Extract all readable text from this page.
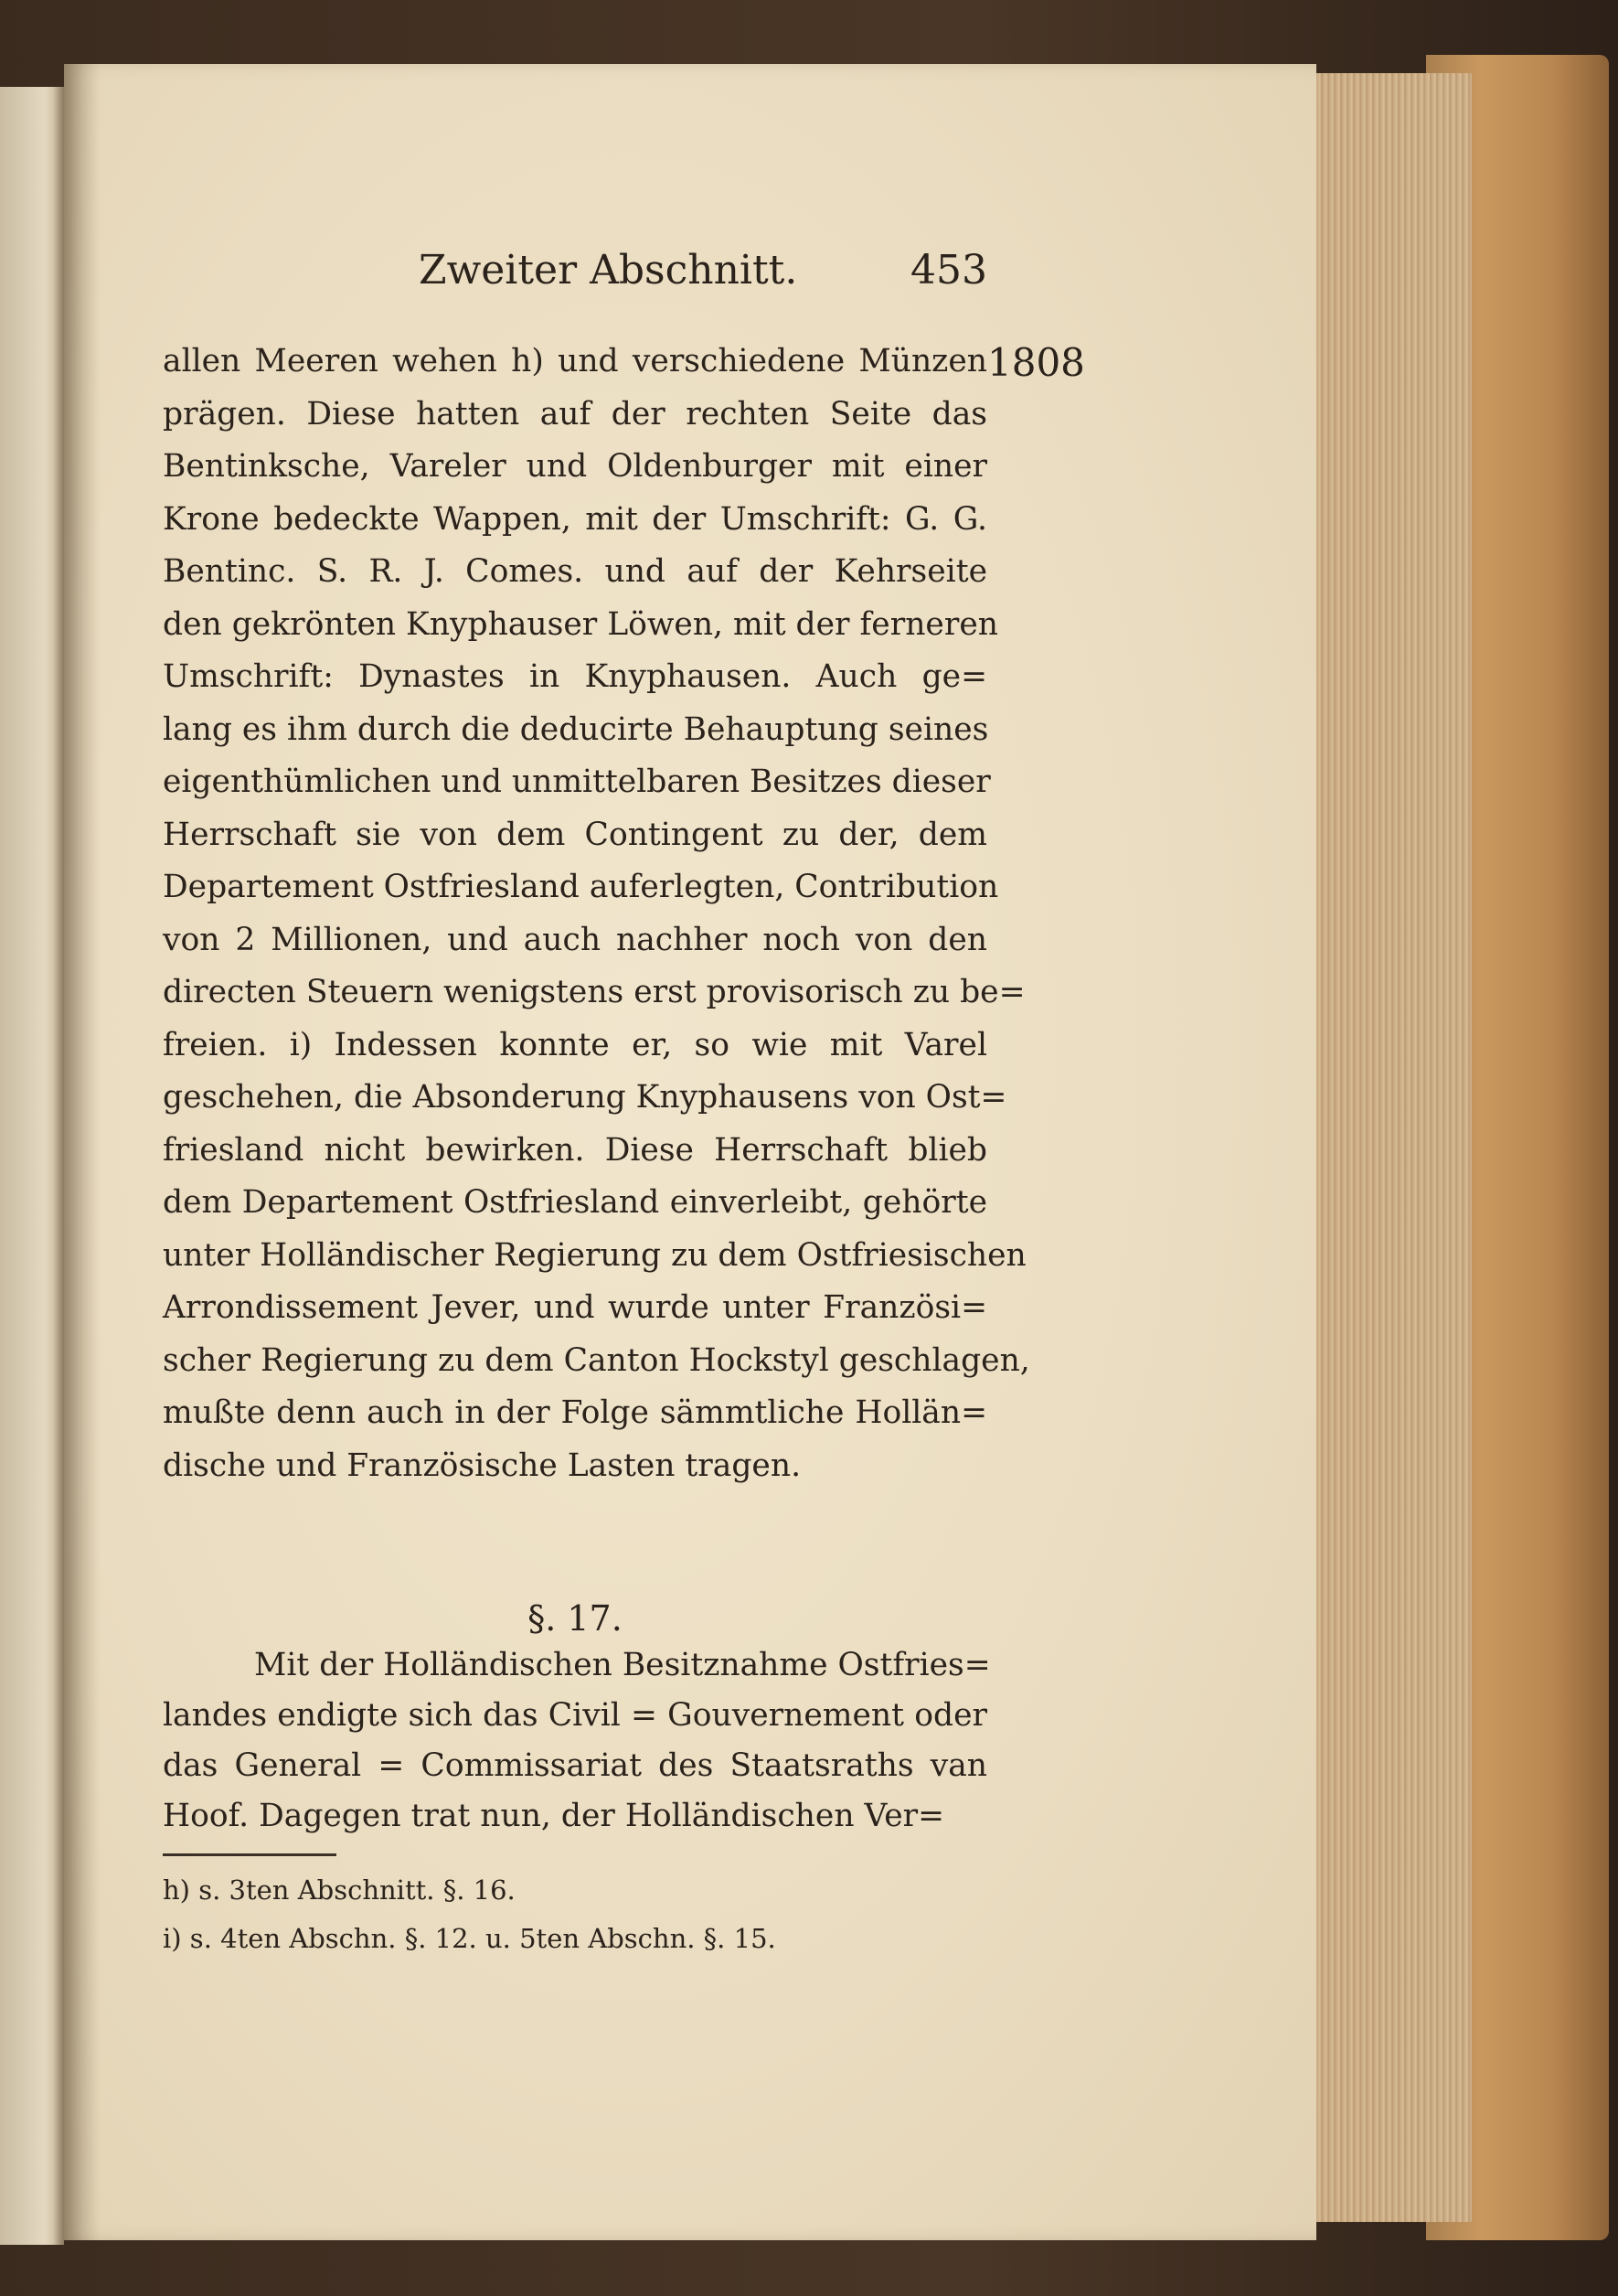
Zweiter Abschnitt.	453
1808
allen Meeren wehen h) und verschiedene Münzen
prägen. Diese hatten auf der rechten Seite das
Bentinksche, Vareler und Oldenburger mit einer
Krone bedeckte Wappen, mit der Umschrift: G. G.
Bentinc. S. R. J. Comes. und auf der Kehrseite
den gekrönten Knyphauser Löwen, mit der ferneren
Umschrift: Dynastes in Knyphausen. Auch ge=
lang es ihm durch die deducirte Behauptung seines
eigenthümlichen und unmittelbaren Besitzes dieser
Herrschaft sie von dem Contingent zu der, dem
Departement Ostfriesland auferlegten, Contribution
von 2 Millionen, und auch nachher noch von den
directen Steuern wenigstens erst provisorisch zu be=
freien. i) Indessen konnte er, so wie mit Varel
geschehen, die Absonderung Knyphausens von Ost=
friesland nicht bewirken. Diese Herrschaft blieb
dem Departement Ostfriesland einverleibt, gehörte
unter Holländischer Regierung zu dem Ostfriesischen
Arrondissement Jever, und wurde unter Französi=
scher Regierung zu dem Canton Hockstyl geschlagen,
mußte denn auch in der Folge sämmtliche Hollän=
dische und Französische Lasten tragen.
§. 17.
Mit der Holländischen Besitznahme Ostfries=
landes endigte sich das Civil = Gouvernement oder
das General = Commissariat des Staatsraths van
Hoof. Dagegen trat nun, der Holländischen Ver=
h) s. 3ten Abschnitt. §. 16.
i) s. 4ten Abschn. §. 12. u. 5ten Abschn. §. 15.
